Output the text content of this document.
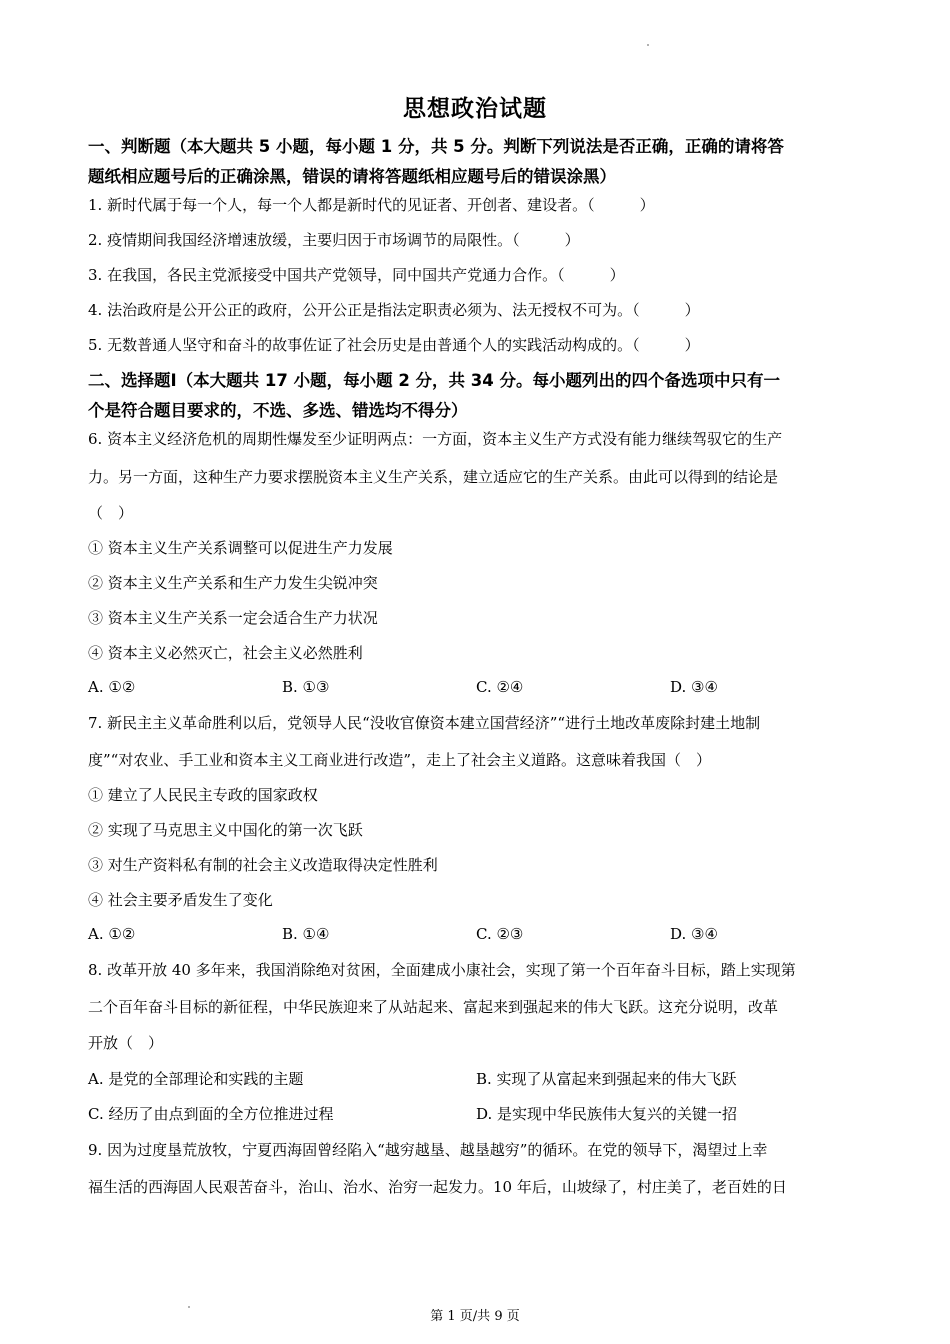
思想政治试题
一、判断题（本大题共 5 小题，每小题 1 分，共 5 分。判断下列说法是否正确，正确的请将答
题纸相应题号后的正确涂黑，错误的请将答题纸相应题号后的错误涂黑）
1. 新时代属于每一个人，每一个人都是新时代的见证者、开创者、建设者。（　　　）
2. 疫情期间我国经济增速放缓，主要归因于市场调节的局限性。（　　　）
3. 在我国，各民主党派接受中国共产党领导，同中国共产党通力合作。（　　　）
4. 法治政府是公开公正的政府，公开公正是指法定职责必须为、法无授权不可为。（　　　）
5. 无数普通人坚守和奋斗的故事佐证了社会历史是由普通个人的实践活动构成的。（　　　）
二、选择题Ⅰ（本大题共 17 小题，每小题 2 分，共 34 分。每小题列出的四个备选项中只有一
个是符合题目要求的，不选、多选、错选均不得分）
6. 资本主义经济危机的周期性爆发至少证明两点：一方面，资本主义生产方式没有能力继续驾驭它的生产
力。另一方面，这种生产力要求摆脱资本主义生产关系，建立适应它的生产关系。由此可以得到的结论是
（　）
① 资本主义生产关系调整可以促进生产力发展
② 资本主义生产关系和生产力发生尖锐冲突
③ 资本主义生产关系一定会适合生产力状况
④ 资本主义必然灭亡，社会主义必然胜利
A. ①②	B. ①③	C. ②④	D. ③④
7. 新民主主义革命胜利以后，党领导人民“没收官僚资本建立国营经济”“进行土地改革废除封建土地制
度”“对农业、手工业和资本主义工商业进行改造”，走上了社会主义道路。这意味着我国（　）
① 建立了人民民主专政的国家政权
② 实现了马克思主义中国化的第一次飞跃
③ 对生产资料私有制的社会主义改造取得决定性胜利
④ 社会主要矛盾发生了变化
A. ①②	B. ①④	C. ②③	D. ③④
8. 改革开放 40 多年来，我国消除绝对贫困，全面建成小康社会，实现了第一个百年奋斗目标，踏上实现第
二个百年奋斗目标的新征程，中华民族迎来了从站起来、富起来到强起来的伟大飞跃。这充分说明，改革
开放（　）
A. 是党的全部理论和实践的主题	B. 实现了从富起来到强起来的伟大飞跃
C. 经历了由点到面的全方位推进过程	D. 是实现中华民族伟大复兴的关键一招
9. 因为过度垦荒放牧，宁夏西海固曾经陷入“越穷越垦、越垦越穷”的循环。在党的领导下，渴望过上幸
福生活的西海固人民艰苦奋斗，治山、治水、治穷一起发力。10 年后，山坡绿了，村庄美了，老百姓的日
第 1 页/共 9 页
